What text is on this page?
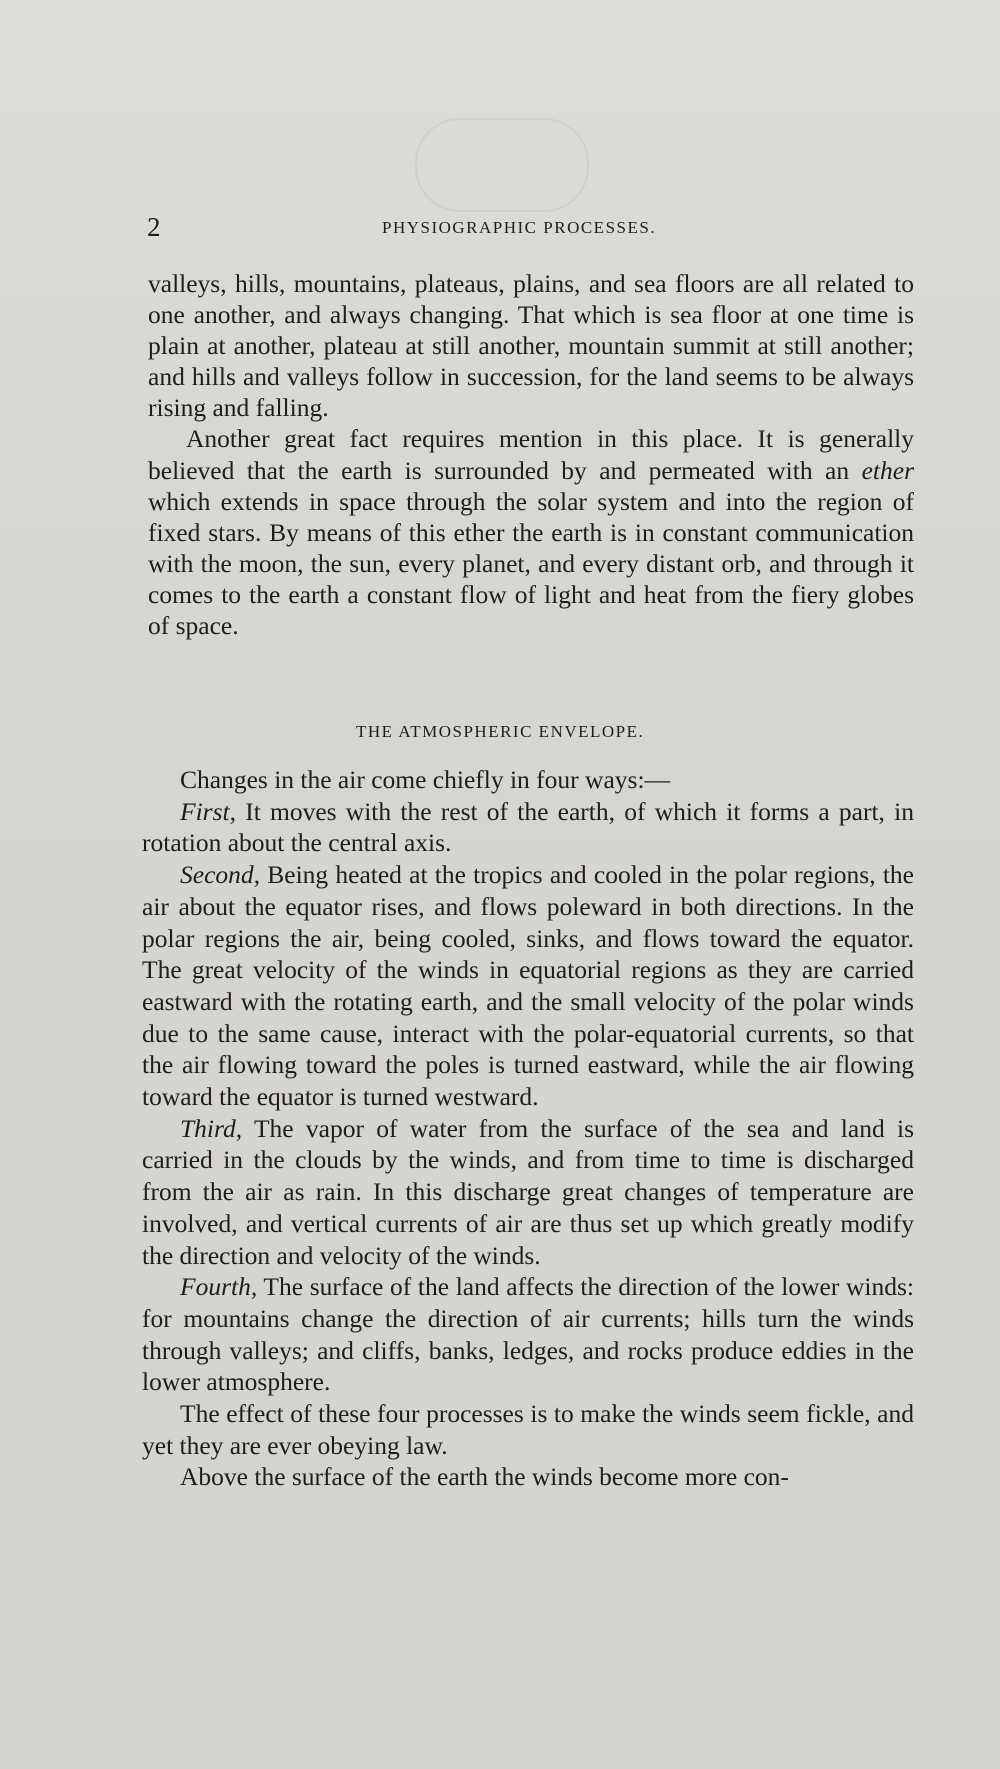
2	PHYSIOGRAPHIC PROCESSES.

valleys, hills, mountains, plateaus, plains, and sea floors are all related to one another, and always changing. That which is sea floor at one time is plain at another, plateau at still another, mountain summit at still another; and hills and valleys follow in succession, for the land seems to be always rising and falling.

Another great fact requires mention in this place. It is generally believed that the earth is surrounded by and permeated with an ether which extends in space through the solar system and into the region of fixed stars. By means of this ether the earth is in constant communication with the moon, the sun, every planet, and every distant orb, and through it comes to the earth a constant flow of light and heat from the fiery globes of space.

THE ATMOSPHERIC ENVELOPE.

Changes in the air come chiefly in four ways:—

First, It moves with the rest of the earth, of which it forms a part, in rotation about the central axis.

Second, Being heated at the tropics and cooled in the polar regions, the air about the equator rises, and flows poleward in both directions. In the polar regions the air, being cooled, sinks, and flows toward the equator. The great velocity of the winds in equatorial regions as they are carried eastward with the rotating earth, and the small velocity of the polar winds due to the same cause, interact with the polar-equatorial currents, so that the air flowing toward the poles is turned eastward, while the air flowing toward the equator is turned westward.

Third, The vapor of water from the surface of the sea and land is carried in the clouds by the winds, and from time to time is discharged from the air as rain. In this discharge great changes of temperature are involved, and vertical currents of air are thus set up which greatly modify the direction and velocity of the winds.

Fourth, The surface of the land affects the direction of the lower winds: for mountains change the direction of air currents; hills turn the winds through valleys; and cliffs, banks, ledges, and rocks produce eddies in the lower atmosphere.

The effect of these four processes is to make the winds seem fickle, and yet they are ever obeying law.

Above the surface of the earth the winds become more con-
